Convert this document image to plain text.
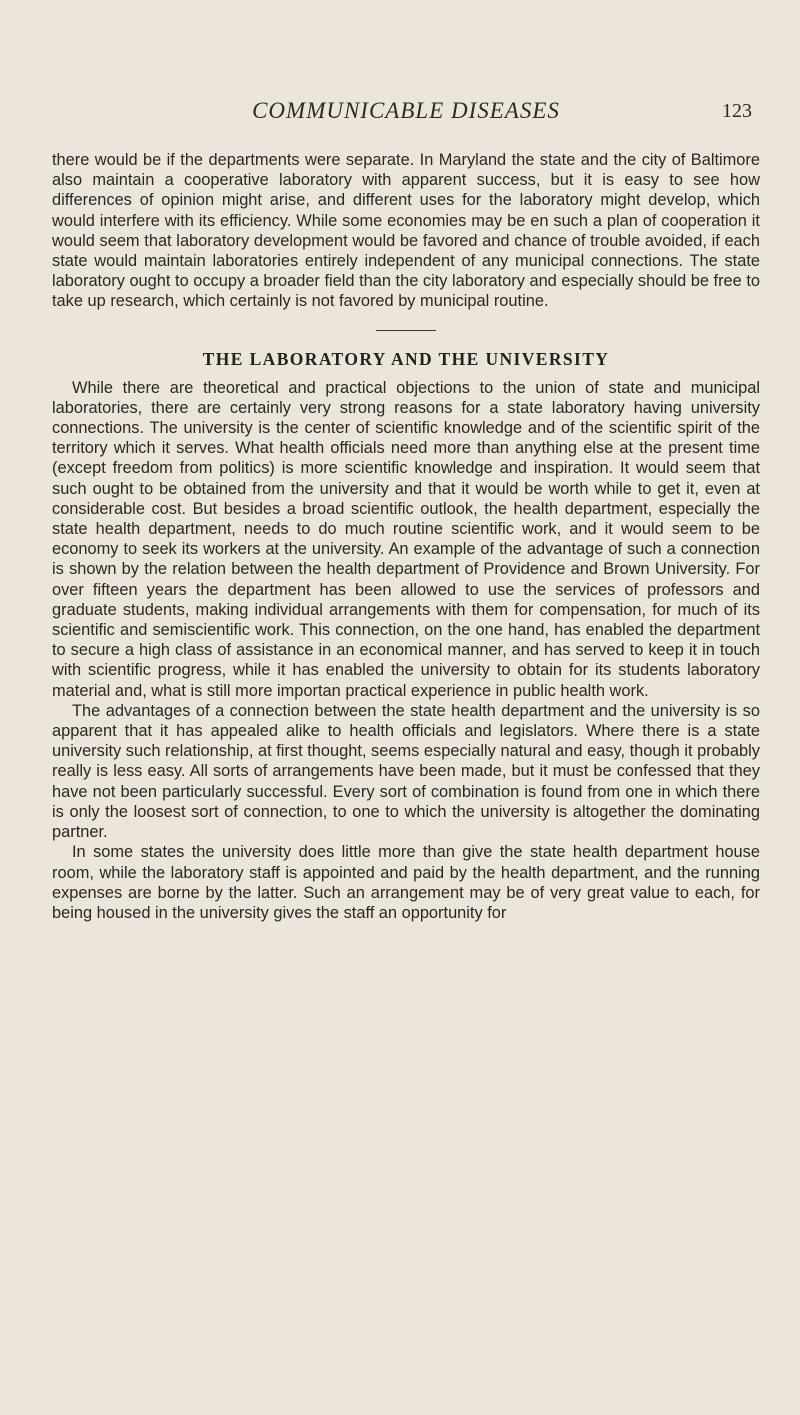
COMMUNICABLE DISEASES	123

there would be if the departments were separate. In Maryland the state and the city of Baltimore also maintain a cooperative laboratory with apparent success, but it is easy to see how differences of opinion might arise, and different uses for the laboratory might develop, which would interfere with its efficiency. While some economies may be en such a plan of cooperation it would seem that laboratory development would be favored and chance of trouble avoided, if each state would maintain laboratories entirely independent of any municipal connections. The state laboratory ought to occupy a broader field than the city laboratory and especially should be free to take up research, which certainly is not favored by municipal routine.

THE LABORATORY AND THE UNIVERSITY

While there are theoretical and practical objections to the union of state and municipal laboratories, there are certainly very strong reasons for a state laboratory having university connections. The university is the center of scientific knowledge and of the scientific spirit of the territory which it serves. What health officials need more than anything else at the present time (except freedom from politics) is more scientific knowledge and inspiration. It would seem that such ought to be obtained from the university and that it would be worth while to get it, even at considerable cost. But besides a broad scientific outlook, the health department, especially the state health department, needs to do much routine scientific work, and it would seem to be economy to seek its workers at the university. An example of the advantage of such a connection is shown by the relation between the health department of Providence and Brown University. For over fifteen years the department has been allowed to use the services of professors and graduate students, making individual arrangements with them for compensation, for much of its scientific and semiscientific work. This connection, on the one hand, has enabled the department to secure a high class of assistance in an economical manner, and has served to keep it in touch with scientific progress, while it has enabled the university to obtain for its students laboratory material and, what is still more importan practical experience in public health work.

The advantages of a connection between the state health department and the university is so apparent that it has appealed alike to health officials and legislators. Where there is a state university such relationship, at first thought, seems especially natural and easy, though it probably really is less easy. All sorts of arrangements have been made, but it must be confessed that they have not been particularly successful. Every sort of combination is found from one in which there is only the loosest sort of connection, to one to which the university is altogether the dominating partner.

In some states the university does little more than give the state health department house room, while the laboratory staff is appointed and paid by the health department, and the running expenses are borne by the latter. Such an arrangement may be of very great value to each, for being housed in the university gives the staff an opportunity for
